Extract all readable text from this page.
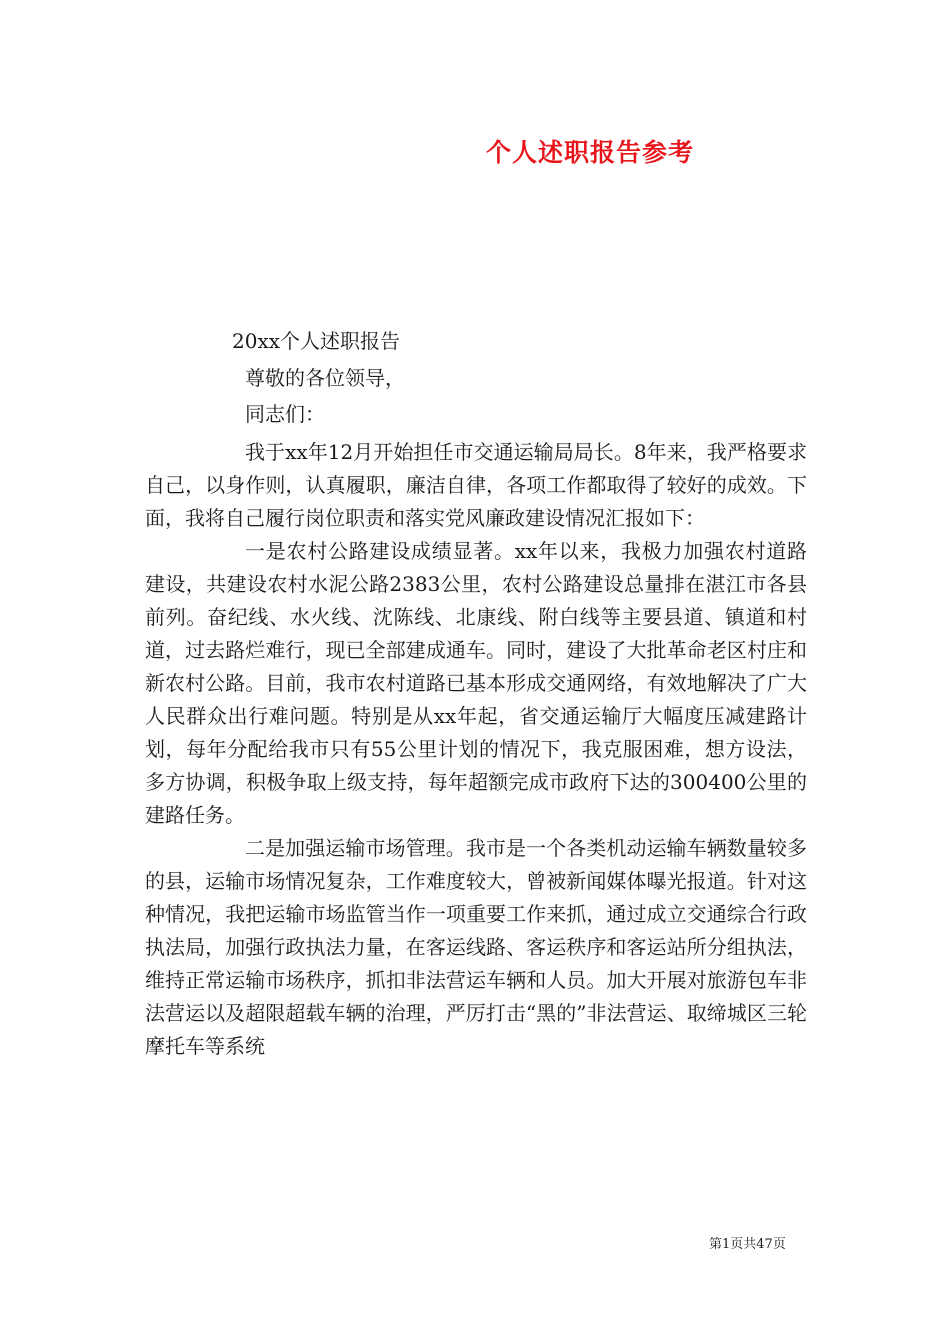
个人述职报告参考
20xx个人述职报告
尊敬的各位领导，
同志们：

我于xx年12月开始担任市交通运输局局长。8年来，我严格要求自己，以身作则，认真履职，廉洁自律，各项工作都取得了较好的成效。下面，我将自己履行岗位职责和落实党风廉政建设情况汇报如下：

一是农村公路建设成绩显著。xx年以来，我极力加强农村道路建设，共建设农村水泥公路2383公里，农村公路建设总量排在湛江市各县前列。奋纪线、水火线、沈陈线、北康线、附白线等主要县道、镇道和村道，过去路烂难行，现已全部建成通车。同时，建设了大批革命老区村庄和新农村公路。目前，我市农村道路已基本形成交通网络，有效地解决了广大人民群众出行难问题。特别是从xx年起，省交通运输厅大幅度压减建路计划，每年分配给我市只有55公里计划的情况下，我克服困难，想方设法，多方协调，积极争取上级支持，每年超额完成市政府下达的300400公里的建路任务。

二是加强运输市场管理。我市是一个各类机动运输车辆数量较多的县，运输市场情况复杂，工作难度较大，曾被新闻媒体曝光报道。针对这种情况，我把运输市场监管当作一项重要工作来抓，通过成立交通综合行政执法局，加强行政执法力量，在客运线路、客运秩序和客运站所分组执法，维持正常运输市场秩序，抓扣非法营运车辆和人员。加大开展对旅游包车非法营运以及超限超载车辆的治理，严厉打击“黑的”非法营运、取缔城区三轮摩托车等系统

第1页共47页
